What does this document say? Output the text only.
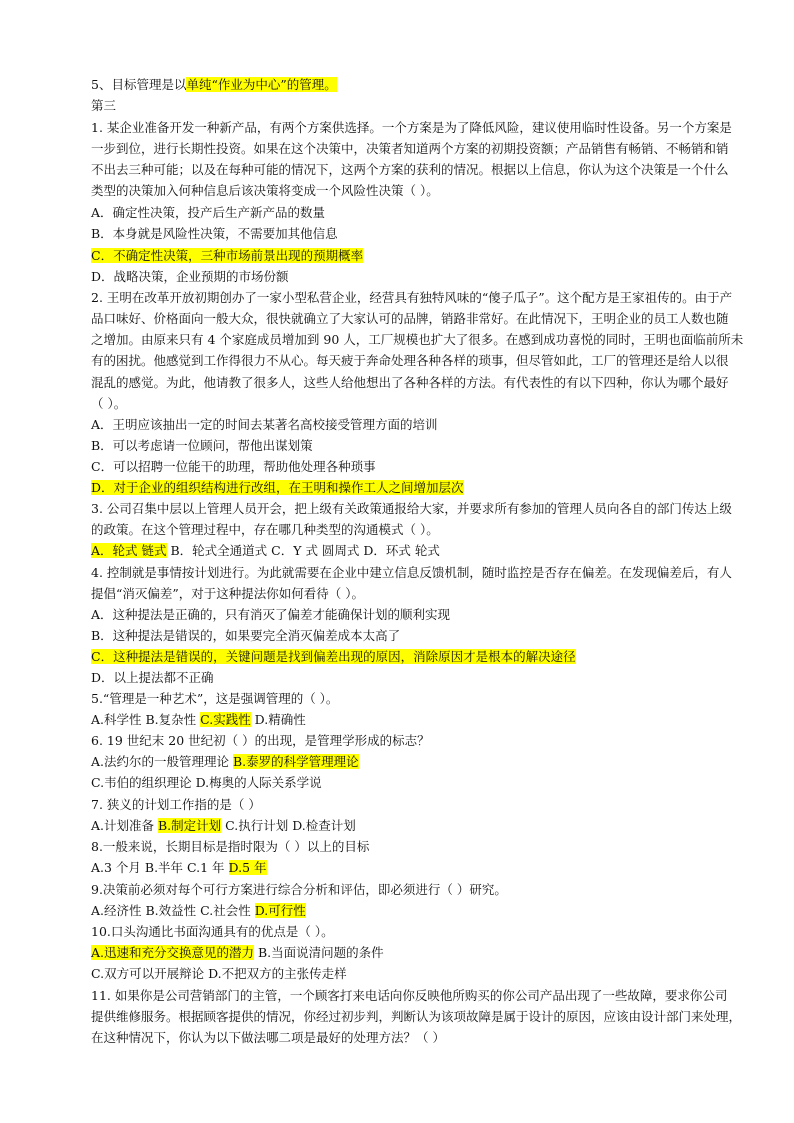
5、目标管理是以单纯“作业为中心”的管理。
第三
1. 某企业准备开发一种新产品，有两个方案供选择。一个方案是为了降低风险，建议使用临时性设备。另一个方案是
一步到位，进行长期性投资。如果在这个决策中，决策者知道两个方案的初期投资额；产品销售有畅销、不畅销和销
不出去三种可能；以及在每种可能的情况下，这两个方案的获利的情况。根据以上信息，你认为这个决策是一个什么
类型的决策加入何种信息后该决策将变成一个风险性决策（ ）。
A．确定性决策，投产后生产新产品的数量
B．本身就是风险性决策，不需要加其他信息
C．不确定性决策，三种市场前景出现的预期概率
D．战略决策，企业预期的市场份额
2. 王明在改革开放初期创办了一家小型私营企业，经营具有独特风味的“傻子瓜子”。这个配方是王家祖传的。由于产
品口味好、价格面向一般大众，很快就确立了大家认可的品牌，销路非常好。在此情况下，王明企业的员工人数也随
之增加。由原来只有 4 个家庭成员增加到 90 人，工厂规模也扩大了很多。在感到成功喜悦的同时，王明也面临前所未
有的困扰。他感觉到工作得很力不从心。每天疲于奔命处理各种各样的琐事，但尽管如此，工厂的管理还是给人以很
混乱的感觉。为此，他请教了很多人，这些人给他想出了各种各样的方法。有代表性的有以下四种，你认为哪个最好
（ ）。
A．王明应该抽出一定的时间去某著名高校接受管理方面的培训
B．可以考虑请一位顾问，帮他出谋划策
C．可以招聘一位能干的助理，帮助他处理各种琐事
D．对于企业的组织结构进行改组，在王明和操作工人之间增加层次
3. 公司召集中层以上管理人员开会，把上级有关政策通报给大家，并要求所有参加的管理人员向各自的部门传达上级
的政策。在这个管理过程中，存在哪几种类型的沟通模式（ ）。
A．轮式 链式 B．轮式全通道式 C．Y 式 圆周式 D．环式 轮式
4. 控制就是事情按计划进行。为此就需要在企业中建立信息反馈机制，随时监控是否存在偏差。在发现偏差后，有人
提倡“消灭偏差”，对于这种提法你如何看待（ ）。
A．这种提法是正确的，只有消灭了偏差才能确保计划的顺利实现
B．这种提法是错误的，如果要完全消灭偏差成本太高了
C．这种提法是错误的，关键问题是找到偏差出现的原因，消除原因才是根本的解决途径
D．以上提法都不正确
5.“管理是一种艺术”，这是强调管理的（ ）。
A.科学性 B.复杂性 C.实践性 D.精确性
6. 19 世纪末 20 世纪初（ ）的出现，是管理学形成的标志？
A.法约尔的一般管理理论 B.泰罗的科学管理理论
C.韦伯的组织理论 D.梅奥的人际关系学说
7. 狭义的计划工作指的是（ ）
A.计划准备 B.制定计划 C.执行计划 D.检查计划
8.一般来说，长期目标是指时限为（ ）以上的目标
A.3 个月 B.半年 C.1 年 D.5 年
9.决策前必须对每个可行方案进行综合分析和评估，即必须进行（ ）研究。
A.经济性 B.效益性 C.社会性 D.可行性
10.口头沟通比书面沟通具有的优点是（ ）。
A.迅速和充分交换意见的潜力 B.当面说清问题的条件
C.双方可以开展辩论 D.不把双方的主张传走样
11. 如果你是公司营销部门的主管，一个顾客打来电话向你反映他所购买的你公司产品出现了一些故障，要求你公司
提供维修服务。根据顾客提供的情况，你经过初步判，判断认为该项故障是属于设计的原因，应该由设计部门来处理，
在这种情况下，你认为以下做法哪二项是最好的处理方法？（ ）
